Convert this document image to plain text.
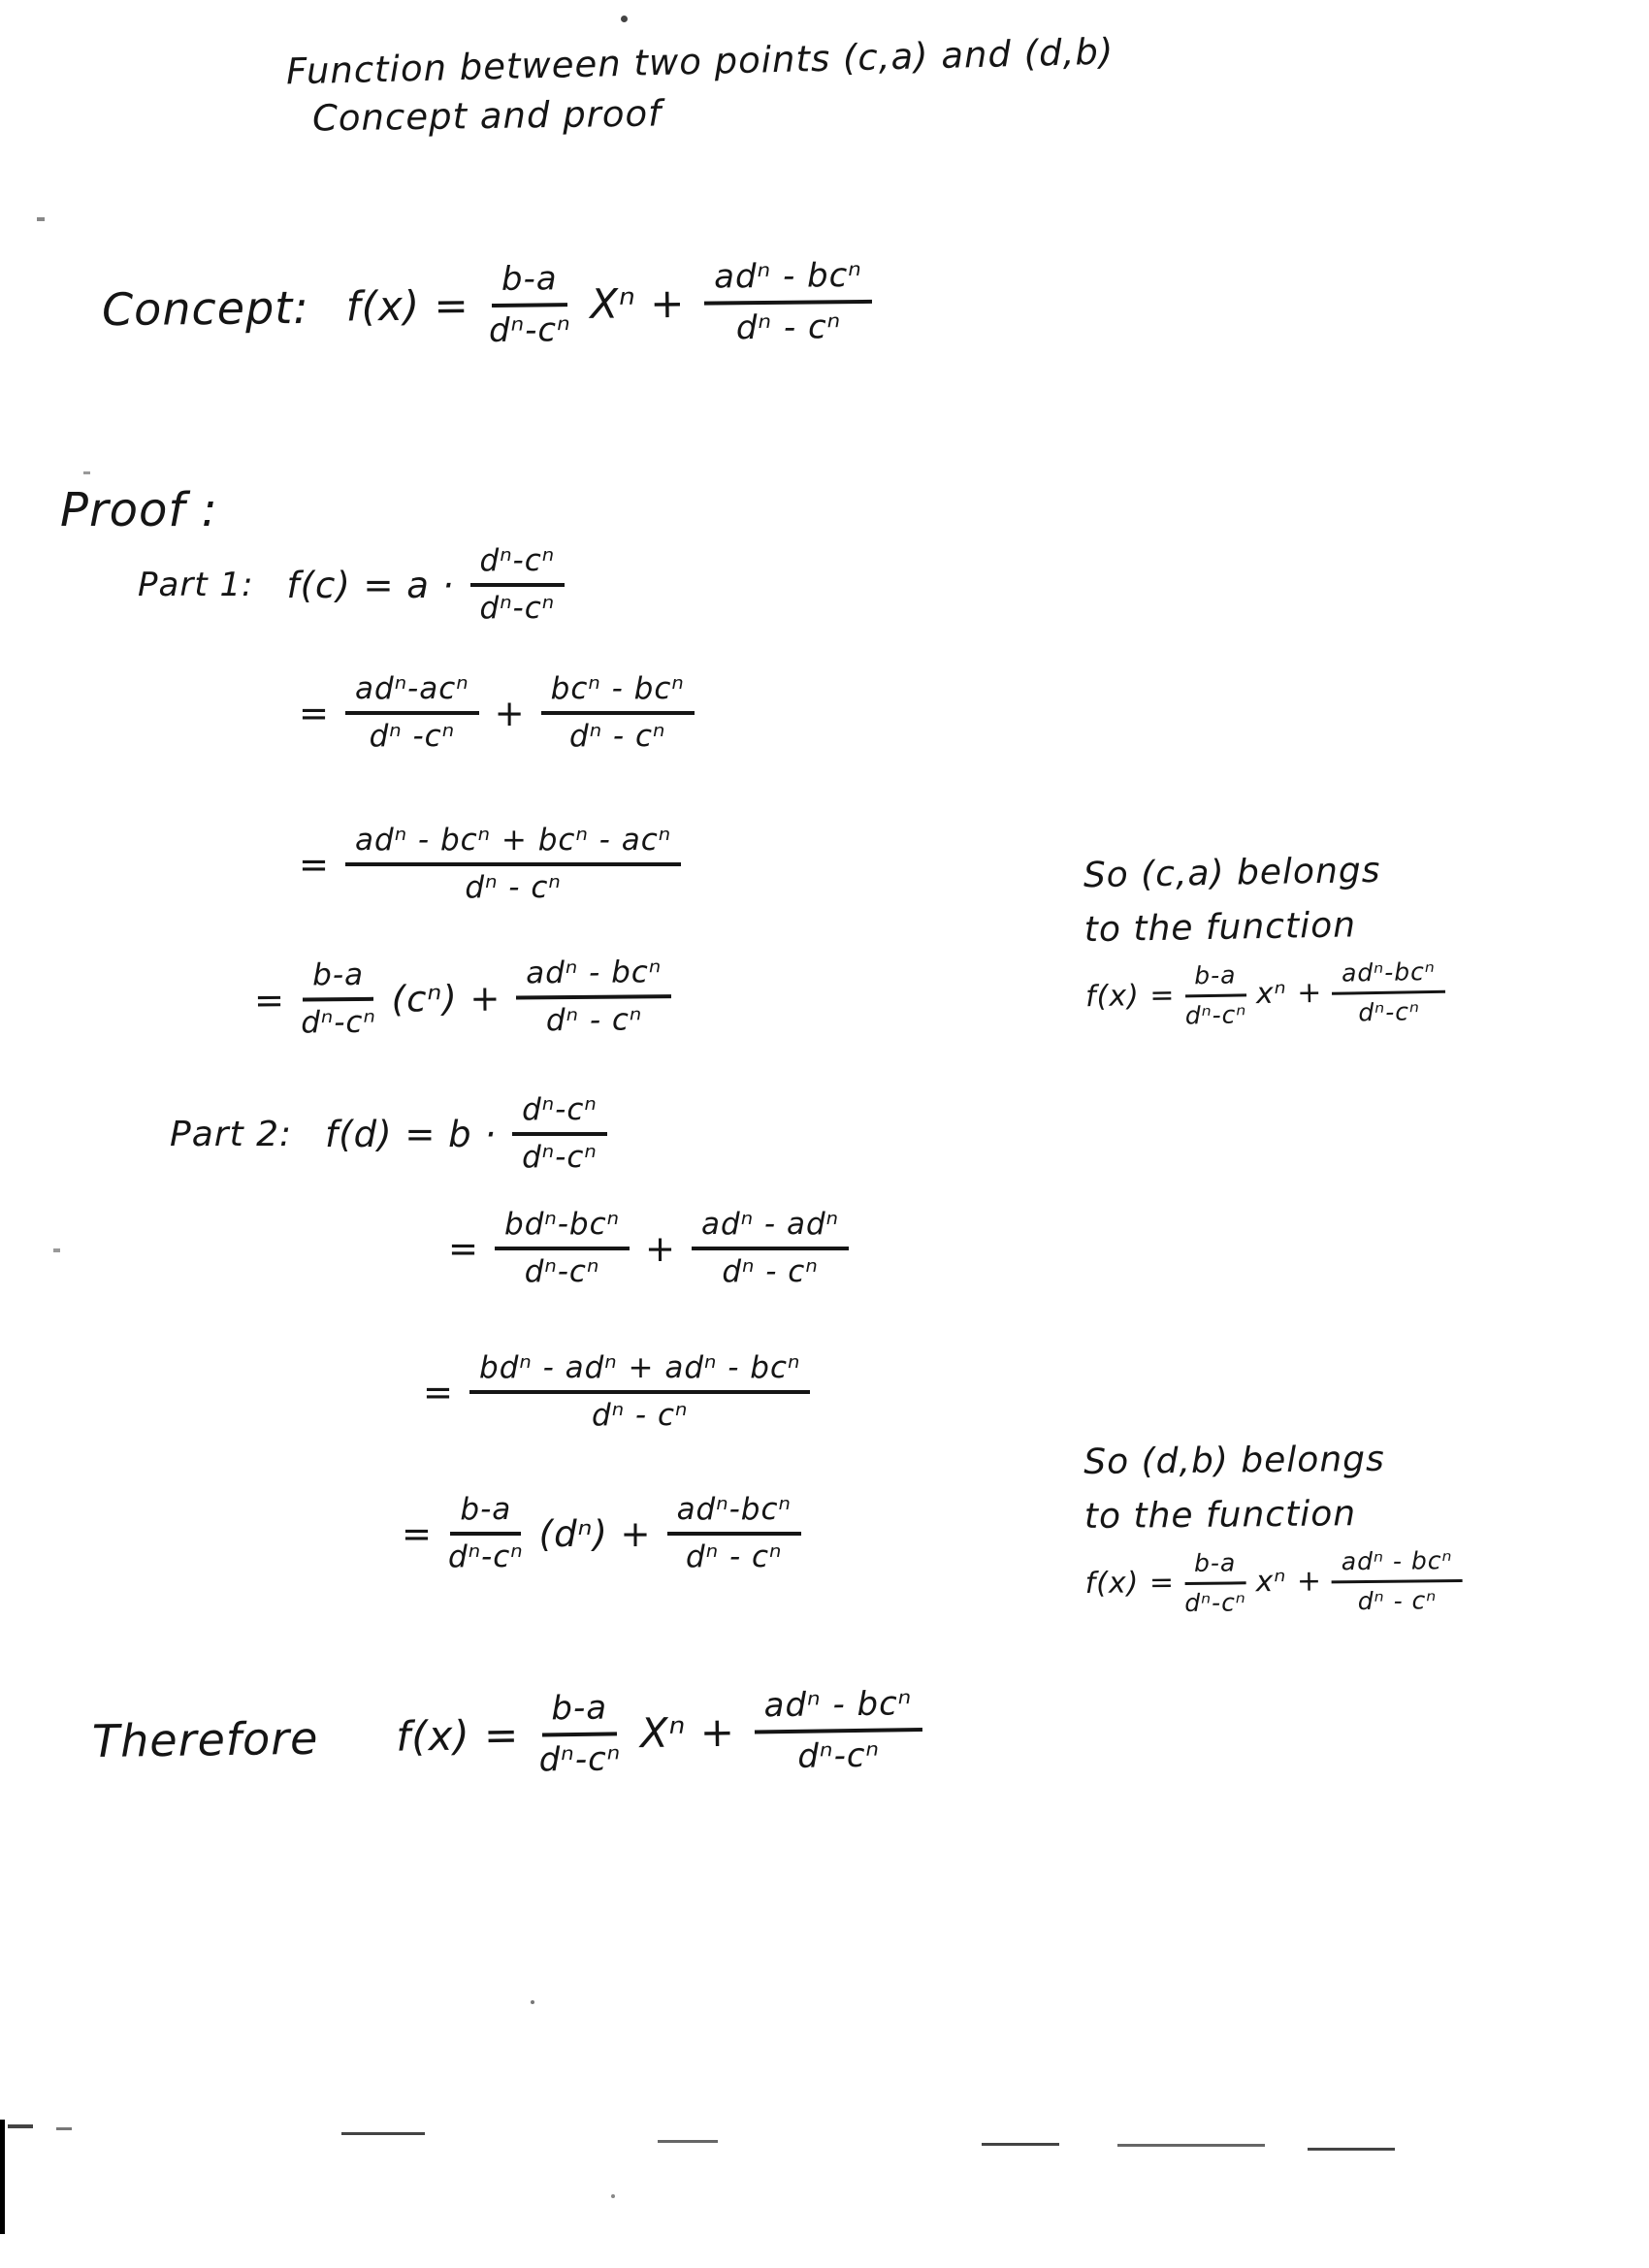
Function between two points (c,a) and (d,b)
Concept and proof
Concept: $f(x) = \frac{b-a}{\text{dⁿ-cⁿ}}$ Xⁿ +
adⁿ - bcⁿ
dⁿ - cⁿ
Proof :
Part 1: $f(c) = a \cdot \frac{\text{dⁿ-cⁿ}}{\text{dⁿ-cⁿ}}$
=
adⁿ-acⁿ
dⁿ -cⁿ
+
bcⁿ - bcⁿ
dⁿ - cⁿ
=
adⁿ - bcⁿ + bcⁿ - acⁿ
dⁿ - cⁿ
= $\frac{b-a}{\text{dⁿ-cⁿ}} (c^n)$ +
adⁿ - bcⁿ
dⁿ - cⁿ
So (c,a) belongs
to the function
$f(x) = \frac{b-a}{\text{dⁿ-cⁿ}}$ xⁿ +
adⁿ-bcⁿ
dⁿ-cⁿ
Part 2: $f(d) = b \cdot \frac{\text{dⁿ-cⁿ}}{\text{dⁿ-cⁿ}}$
=
bdⁿ-bcⁿ
dⁿ-cⁿ
+
adⁿ - adⁿ
dⁿ - cⁿ
=
bdⁿ - adⁿ + adⁿ - bcⁿ
dⁿ - cⁿ
= $\frac{b-a}{\text{dⁿ-cⁿ}} (d^n)$ +
adⁿ-bcⁿ
dⁿ - cⁿ
So (d,b) belongs
to the function
$f(x) = \frac{b-a}{\text{dⁿ-cⁿ}}$ xⁿ +
adⁿ - bcⁿ
dⁿ - cⁿ
Therefore $f(x) = \frac{b-a}{\text{dⁿ-cⁿ}}$ Xⁿ +
adⁿ - bcⁿ
dⁿ-cⁿ
